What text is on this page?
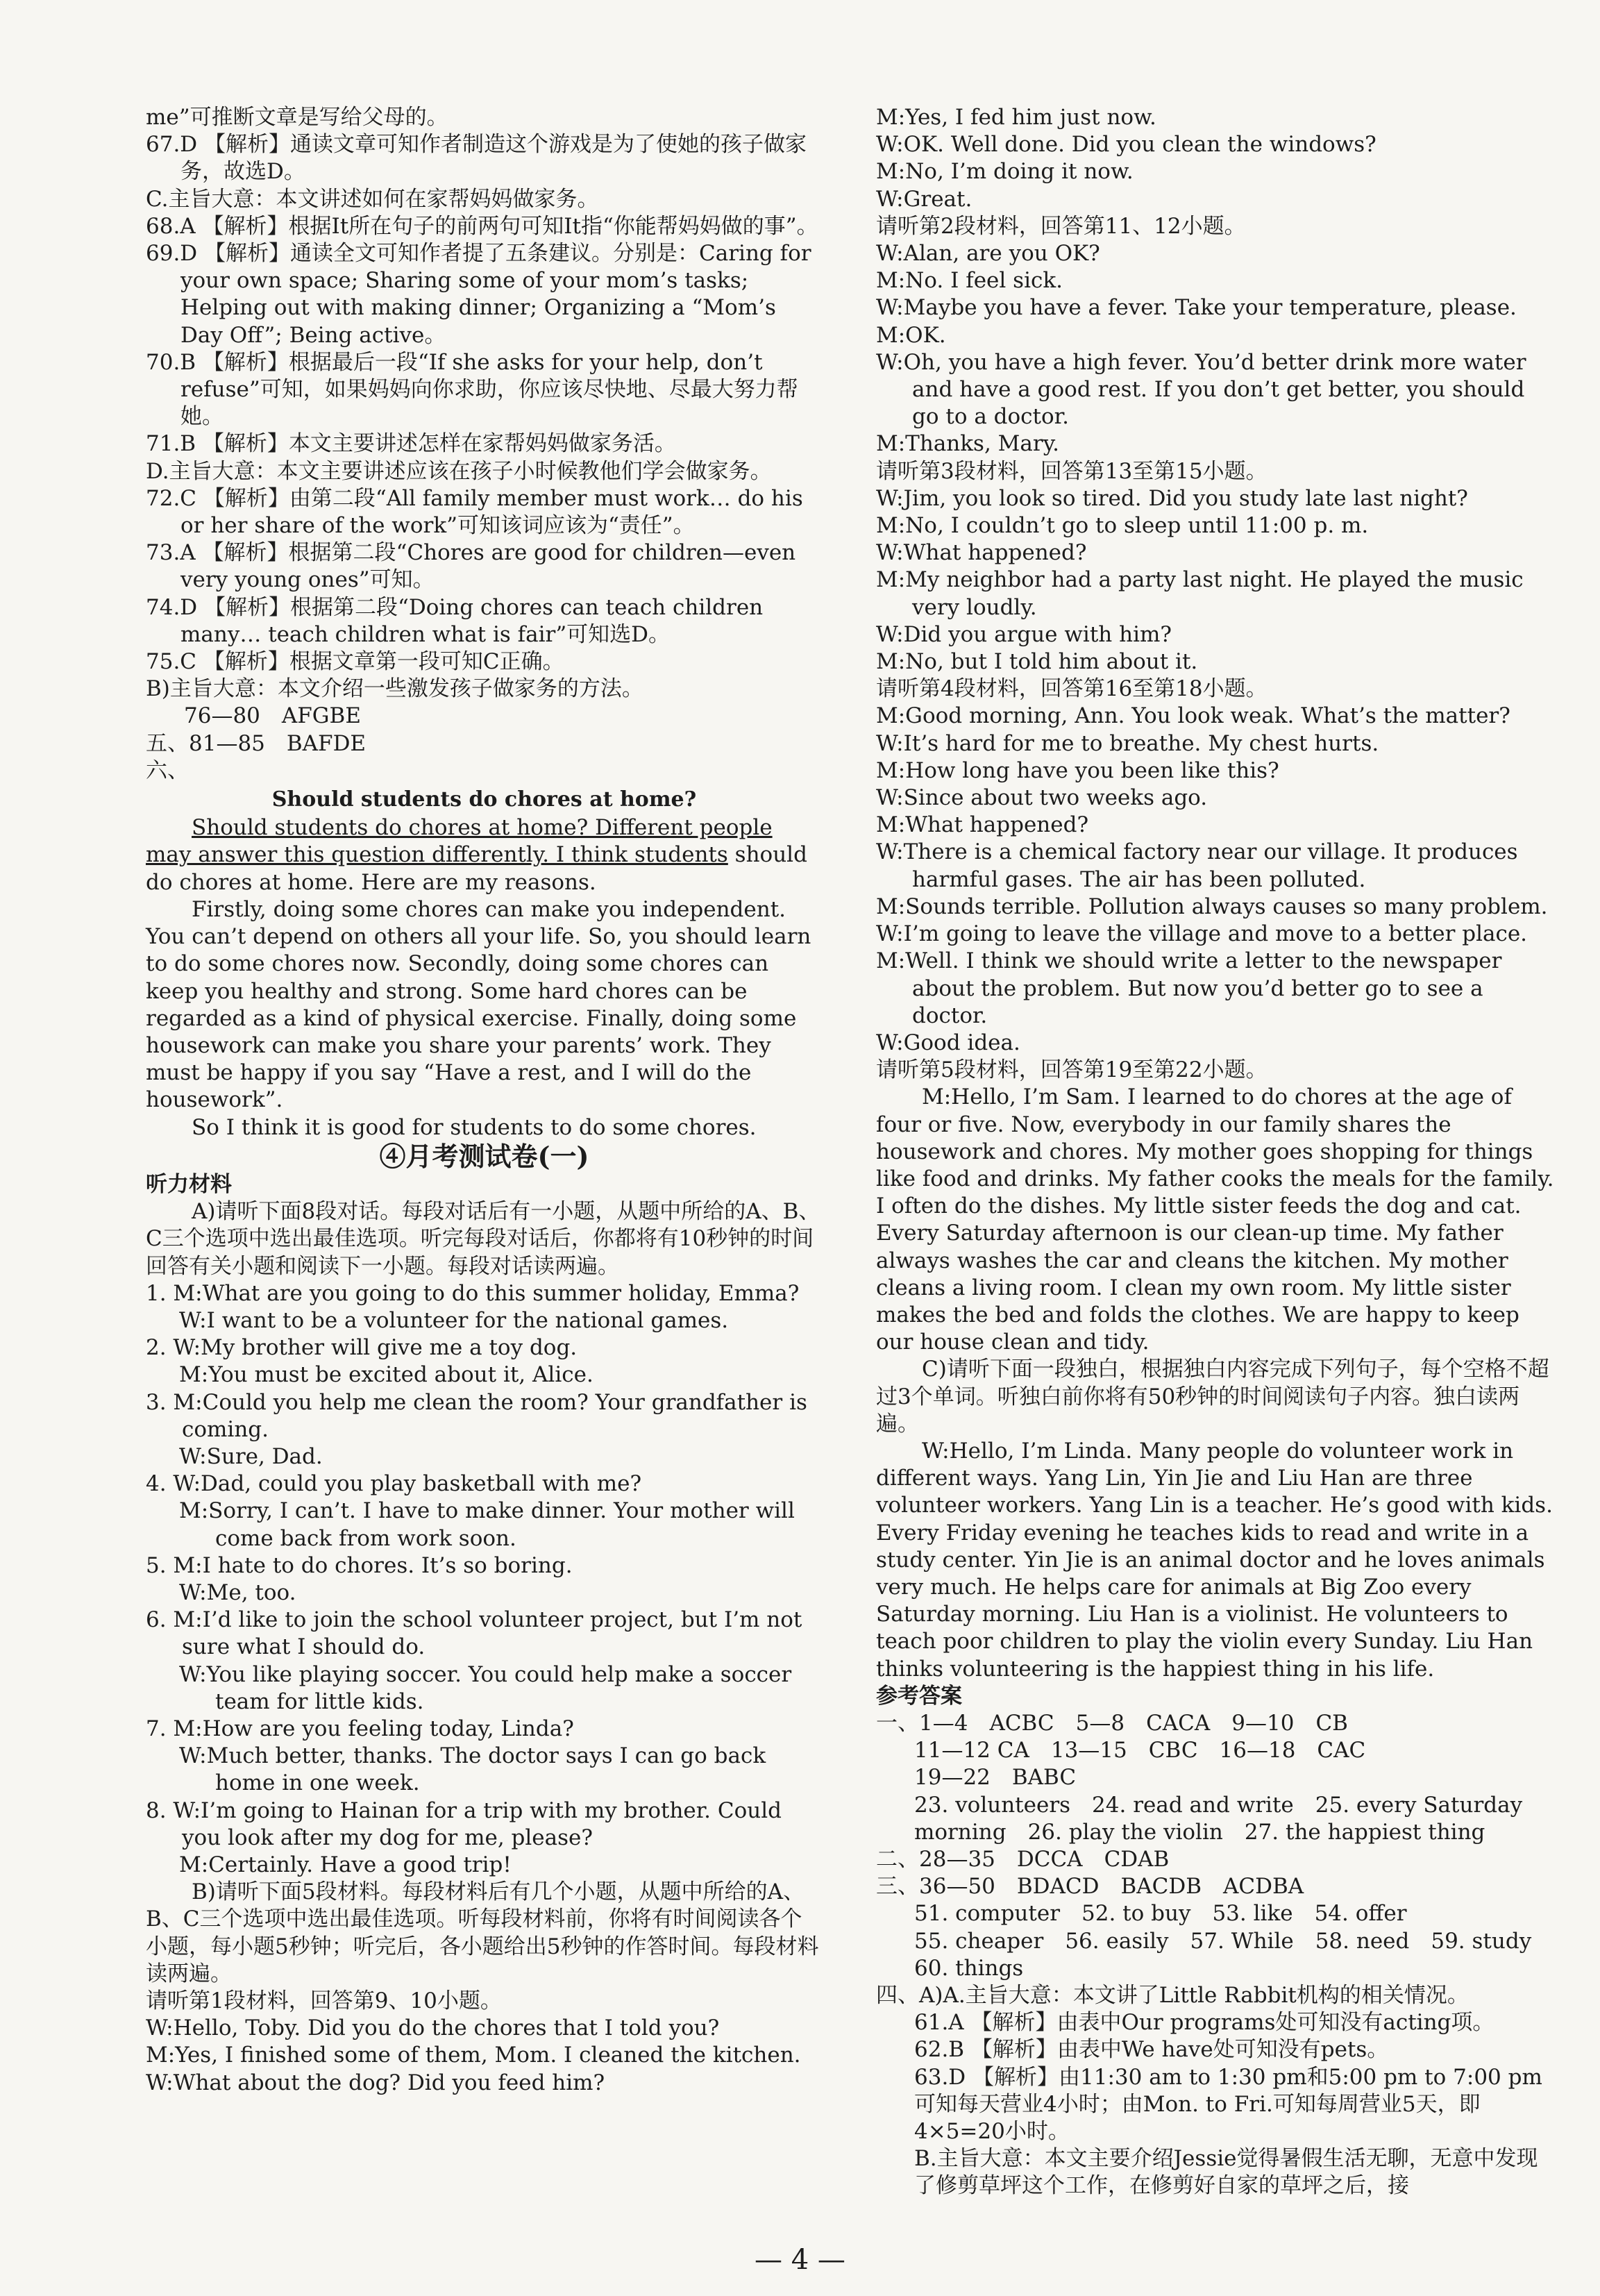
me”可推断文章是写给父母的。

67.D 【解析】通读文章可知作者制造这个游戏是为了使她的孩子做家务，故选D。

C.主旨大意：本文讲述如何在家帮妈妈做家务。

68.A 【解析】根据It所在句子的前两句可知It指“你能帮妈妈做的事”。

69.D 【解析】通读全文可知作者提了五条建议。分别是：Caring for your own space; Sharing some of your mom’s tasks; Helping out with making dinner; Organizing a “Mom’s Day Off”; Being active。

70.B 【解析】根据最后一段“If she asks for your help, don’t refuse”可知，如果妈妈向你求助，你应该尽快地、尽最大努力帮她。

71.B 【解析】本文主要讲述怎样在家帮妈妈做家务活。

D.主旨大意：本文主要讲述应该在孩子小时候教他们学会做家务。

72.C 【解析】由第二段“All family member must work… do his or her share of the work”可知该词应该为“责任”。

73.A 【解析】根据第二段“Chores are good for children—even very young ones”可知。

74.D 【解析】根据第二段“Doing chores can teach children many… teach children what is fair”可知选D。

75.C 【解析】根据文章第一段可知C正确。

B)主旨大意：本文介绍一些激发孩子做家务的方法。

76—80　AFGBE

五、81—85　BAFDE

六、

Should students do chores at home?

Should students do chores at home? Different people may answer this question differently. I think students should do chores at home. Here are my reasons.

Firstly, doing some chores can make you independent. You can’t depend on others all your life. So, you should learn to do some chores now. Secondly, doing some chores can keep you healthy and strong. Some hard chores can be regarded as a kind of physical exercise. Finally, doing some housework can make you share your parents’ work. They must be happy if you say “Have a rest, and I will do the housework”.

So I think it is good for students to do some chores.

④月考测试卷(一)

听力材料

A)请听下面8段对话。每段对话后有一小题，从题中所给的A、B、C三个选项中选出最佳选项。听完每段对话后，你都将有10秒钟的时间回答有关小题和阅读下一小题。每段对话读两遍。

1. M:What are you going to do this summer holiday, Emma?

W:I want to be a volunteer for the national games.

2. W:My brother will give me a toy dog.

M:You must be excited about it, Alice.

3. M:Could you help me clean the room? Your grandfather is coming.

W:Sure, Dad.

4. W:Dad, could you play basketball with me?

M:Sorry, I can’t. I have to make dinner. Your mother will come back from work soon.

5. M:I hate to do chores. It’s so boring.

W:Me, too.

6. M:I’d like to join the school volunteer project, but I’m not sure what I should do.

W:You like playing soccer. You could help make a soccer team for little kids.

7. M:How are you feeling today, Linda?

W:Much better, thanks. The doctor says I can go back home in one week.

8. W:I’m going to Hainan for a trip with my brother. Could you look after my dog for me, please?

M:Certainly. Have a good trip!

B)请听下面5段材料。每段材料后有几个小题，从题中所给的A、B、C三个选项中选出最佳选项。听每段材料前，你将有时间阅读各个小题，每小题5秒钟；听完后，各小题给出5秒钟的作答时间。每段材料读两遍。

请听第1段材料，回答第9、10小题。

W:Hello, Toby. Did you do the chores that I told you?

M:Yes, I finished some of them, Mom. I cleaned the kitchen.

W:What about the dog? Did you feed him?

M:Yes, I fed him just now.

W:OK. Well done. Did you clean the windows?

M:No, I’m doing it now.

W:Great.

请听第2段材料，回答第11、12小题。

W:Alan, are you OK?

M:No. I feel sick.

W:Maybe you have a fever. Take your temperature, please.

M:OK.

W:Oh, you have a high fever. You’d better drink more water and have a good rest. If you don’t get better, you should go to a doctor.

M:Thanks, Mary.

请听第3段材料，回答第13至第15小题。

W:Jim, you look so tired. Did you study late last night?

M:No, I couldn’t go to sleep until 11:00 p. m.

W:What happened?

M:My neighbor had a party last night. He played the music very loudly.

W:Did you argue with him?

M:No, but I told him about it.

请听第4段材料，回答第16至第18小题。

M:Good morning, Ann. You look weak. What’s the matter?

W:It’s hard for me to breathe. My chest hurts.

M:How long have you been like this?

W:Since about two weeks ago.

M:What happened?

W:There is a chemical factory near our village. It produces harmful gases. The air has been polluted.

M:Sounds terrible. Pollution always causes so many problem.

W:I’m going to leave the village and move to a better place.

M:Well. I think we should write a letter to the newspaper about the problem. But now you’d better go to see a doctor.

W:Good idea.

请听第5段材料，回答第19至第22小题。

M:Hello, I’m Sam. I learned to do chores at the age of four or five. Now, everybody in our family shares the housework and chores. My mother goes shopping for things like food and drinks. My father cooks the meals for the family. I often do the dishes. My little sister feeds the dog and cat. Every Saturday afternoon is our clean-up time. My father always washes the car and cleans the kitchen. My mother cleans a living room. I clean my own room. My little sister makes the bed and folds the clothes. We are happy to keep our house clean and tidy.

C)请听下面一段独白，根据独白内容完成下列句子，每个空格不超过3个单词。听独白前你将有50秒钟的时间阅读句子内容。独白读两遍。

W:Hello, I’m Linda. Many people do volunteer work in different ways. Yang Lin, Yin Jie and Liu Han are three volunteer workers. Yang Lin is a teacher. He’s good with kids. Every Friday evening he teaches kids to read and write in a study center. Yin Jie is an animal doctor and he loves animals very much. He helps care for animals at Big Zoo every Saturday morning. Liu Han is a violinist. He volunteers to teach poor children to play the violin every Sunday. Liu Han thinks volunteering is the happiest thing in his life.

参考答案

一、1—4　ACBC　5—8　CACA　9—10　CB

11—12 CA　13—15　CBC　16—18　CAC

19—22　BABC

23. volunteers　24. read and write　25. every Saturday morning　26. play the violin　27. the happiest thing

二、28—35　DCCA　CDAB

三、36—50　BDACD　BACDB　ACDBA

51. computer　52. to buy　53. like　54. offer

55. cheaper　56. easily　57. While　58. need　59. study

60. things

四、A)A.主旨大意：本文讲了Little Rabbit机构的相关情况。

61.A 【解析】由表中Our programs处可知没有acting项。

62.B 【解析】由表中We have处可知没有pets。

63.D 【解析】由11:30 am to 1:30 pm和5:00 pm to 7:00 pm可知每天营业4小时；由Mon. to Fri.可知每周营业5天，即4×5=20小时。

B.主旨大意：本文主要介绍Jessie觉得暑假生活无聊，无意中发现了修剪草坪这个工作，在修剪好自家的草坪之后，接

— 4 —
